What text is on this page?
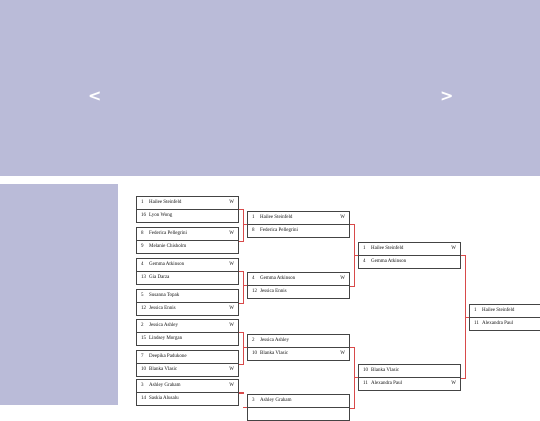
<	>
1 Hailee Steinfeld	W
16 Lyon Wong
8 Federica Pellegrini	W
9 Melanie Chisholm
4 Gemma Atkinson	W
13 Gia Darza
5 Susanna Topak
12 Jessica Ennis	W
2 Jessica Ashley	W
15 Lindsey Morgan
7 Deepika Padukone
10 Blanka Vlasic	W
3 Ashley Graham	W
14 Saskia Alusalu
1 Hailee Steinfeld	W
8 Federica Pellegrini
4 Gemma Atkinson	W
12 Jessica Ennis
2 Jessica Ashley
10 Blanka Vlasic	W
3 Ashley Graham
1 Hailee Steinfeld	W
4 Gemma Atkinson
10 Blanka Vlasic
11 Alexandra Paul	W
1 Hailee Steinfeld
11 Alexandra Paul
